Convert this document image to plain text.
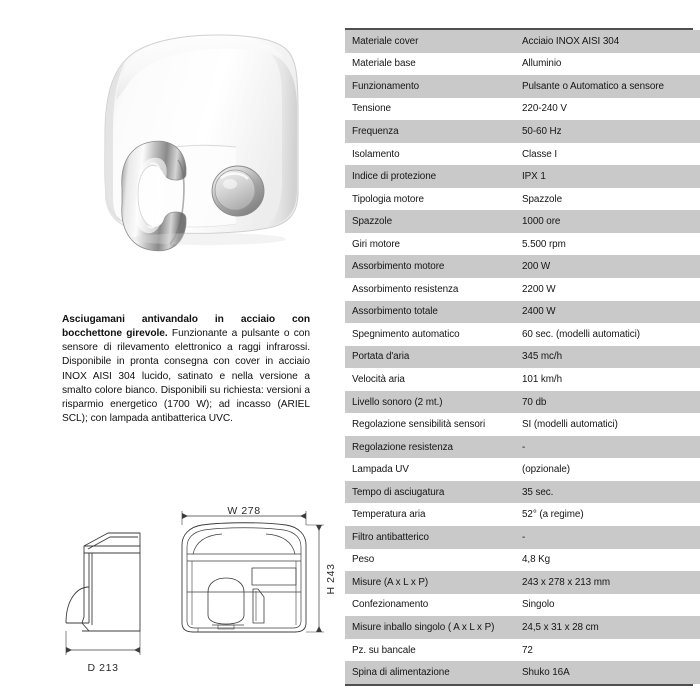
Asciugamani antivandalo in acciaio con bocchettone girevole. Funzionante a pulsante o con sensore di rilevamento elettronico a raggi infrarossi. Disponibile in pronta consegna con cover in acciaio INOX AISI 304 lucido, satinato e nella versione a smalto colore bianco. Disponibili su richiesta: versioni a risparmio energetico (1700 W); ad incasso (ARIEL SCL); con lampada antibatterica UVC.

D 213
W 278
H 243
Materiale cover	Acciaio INOX AISI 304
Materiale base	Alluminio
Funzionamento	Pulsante o Automatico a sensore
Tensione	220-240 V
Frequenza	50-60 Hz
Isolamento	Classe I
Indice di protezione	IPX 1
Tipologia motore	Spazzole
Spazzole	1000 ore
Giri motore	5.500 rpm
Assorbimento motore	200 W
Assorbimento resistenza	2200 W
Assorbimento totale	2400 W
Spegnimento automatico	60 sec. (modelli automatici)
Portata d'aria	345 mc/h
Velocità aria	101 km/h
Livello sonoro (2 mt.)	70 db
Regolazione sensibilità sensori	SI (modelli automatici)
Regolazione resistenza	-
Lampada UV	(opzionale)
Tempo di asciugatura	35 sec.
Temperatura aria	52° (a regime)
Filtro antibatterico	-
Peso	4,8 Kg
Misure (A x L x P)	243 x 278 x 213 mm
Confezionamento	Singolo
Misure inballo singolo ( A x L x P)	24,5 x 31 x 28 cm
Pz. su bancale	72
Spina di alimentazione	Shuko 16A
